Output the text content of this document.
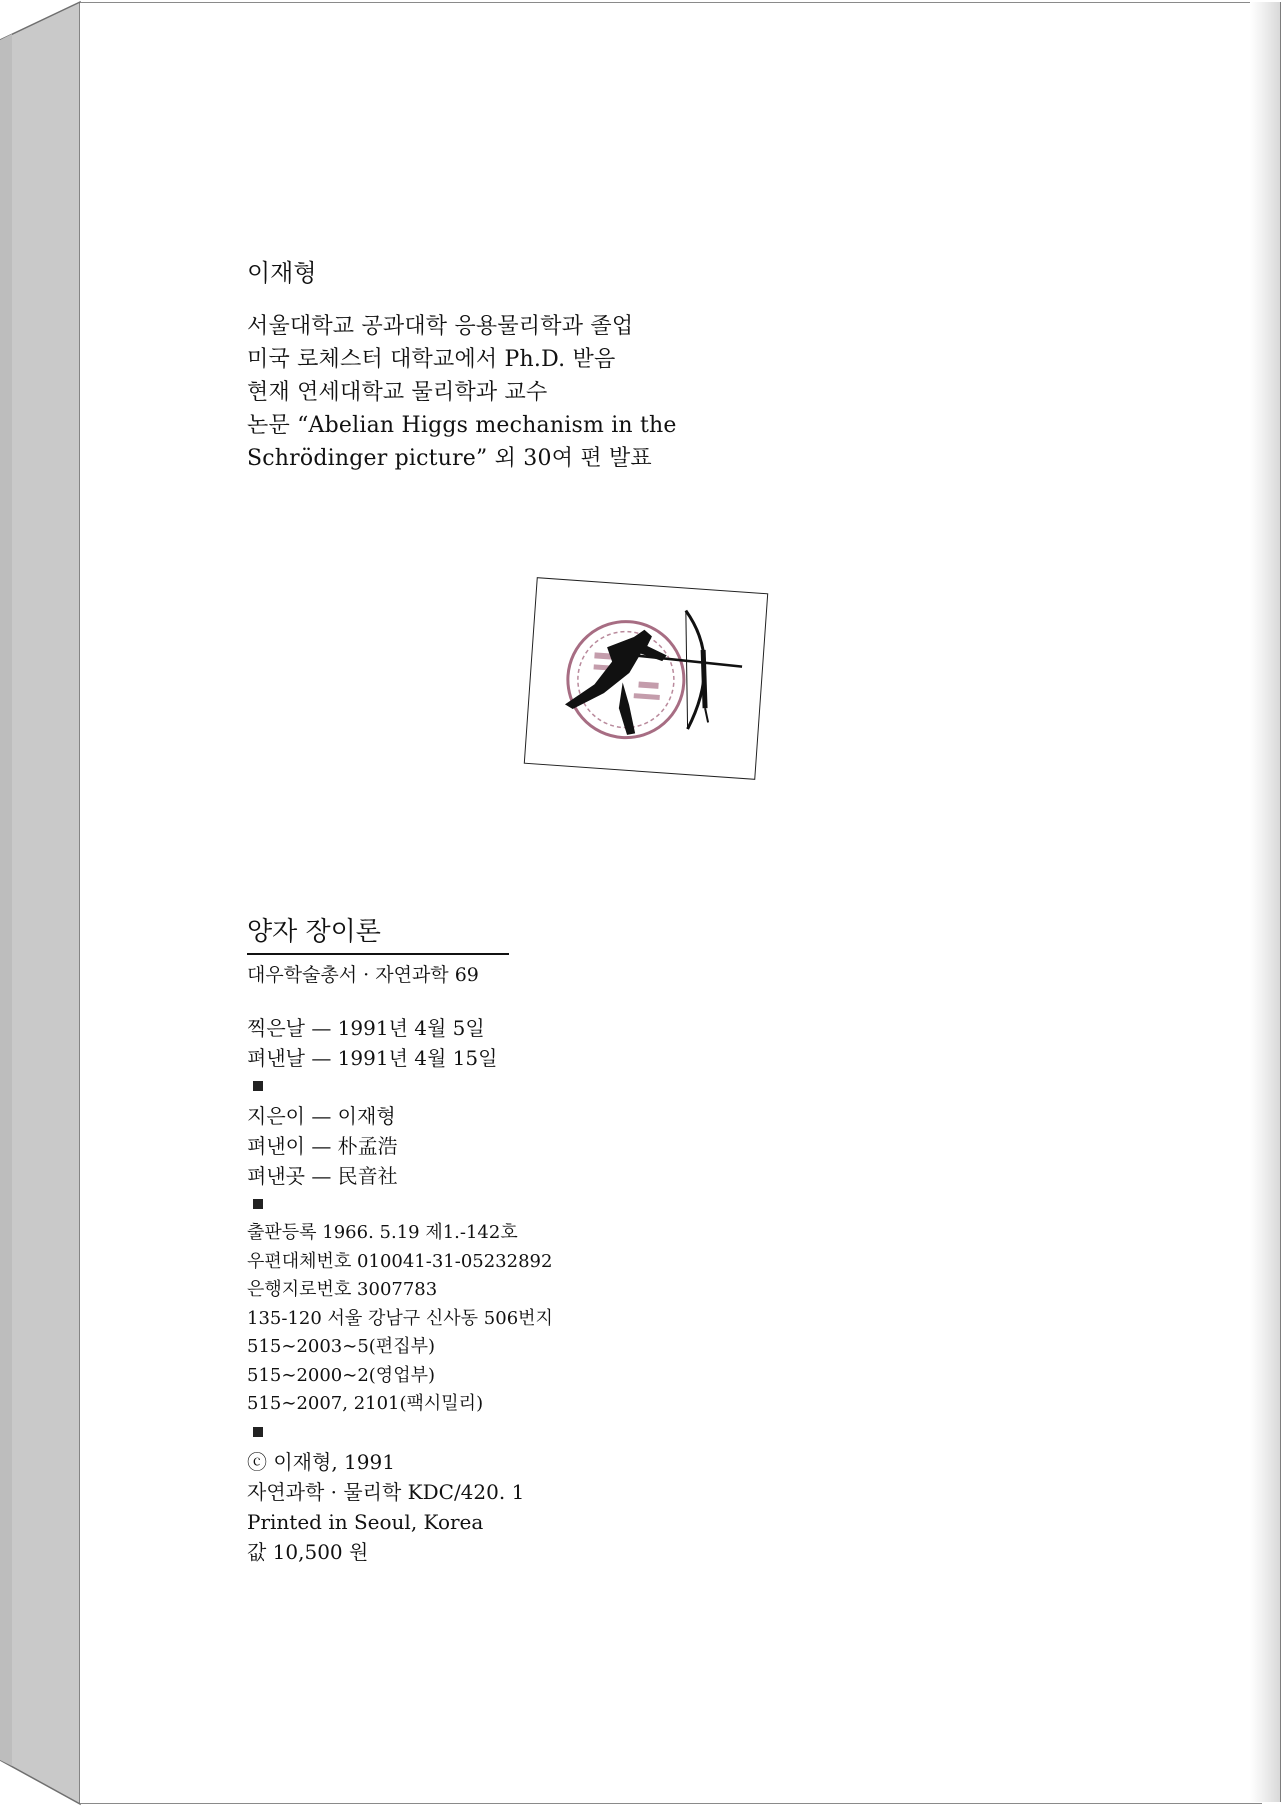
이재형
서울대학교 공과대학 응용물리학과 졸업
미국 로체스터 대학교에서 Ph.D. 받음
현재 연세대학교 물리학과 교수
논문 “Abelian Higgs mechanism in the
Schrödinger picture” 외 30여 편 발표
양자 장이론
대우학술총서 · 자연과학 69
찍은날 — 1991년 4월 5일
펴낸날 — 1991년 4월 15일
지은이 — 이재형
펴낸이 — 朴孟浩
펴낸곳 — 民音社
출판등록 1966. 5.19 제1.-142호
우편대체번호 010041-31-05232892
은행지로번호 3007783
135-120 서울 강남구 신사동 506번지
515∼2003∼5(편집부)
515∼2000∼2(영업부)
515∼2007, 2101(팩시밀리)
ⓒ 이재형, 1991
자연과학 · 물리학 KDC/420. 1
Printed in Seoul, Korea
값 10,500 원
